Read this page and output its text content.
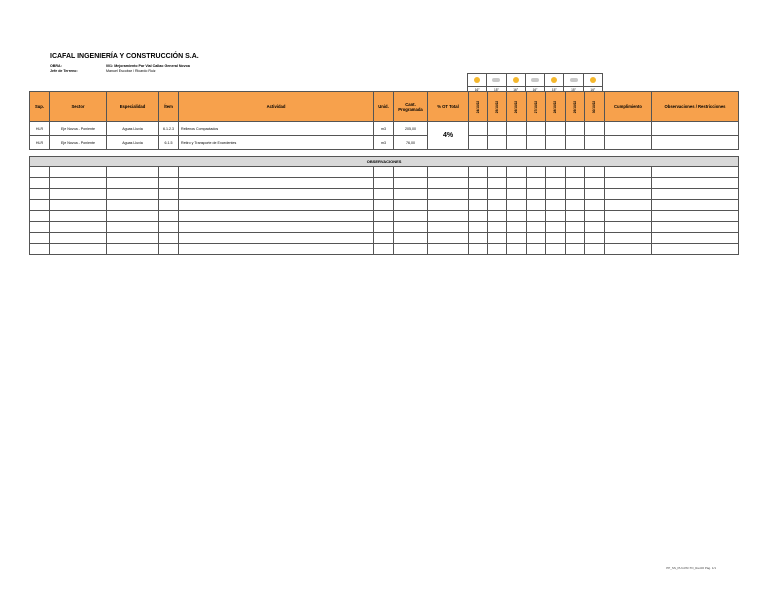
ICAFAL INGENIERÍA Y CONSTRUCCIÓN S.A.
OBRA:	001: Mejoramiento Par Vial Callao General Novoa
Jefe de Terreno:	Manuel Escobar / Ricardo Ruiz

16°	15°	16°	16°	15°	15°	16°

Sup.	Sector	Especialidad	Ítem	Actividad	Unid.	Cant. Programada	% OT Total	24/10/22	25/10/22	26/10/22	27/10/22	28/10/22	29/10/22	30/10/22	Cumplimiento	Observaciones / Restricciones
HLR	Eje Novoa - Poniente	Aguas Lluvia	6.1.2.3	Rellenos Compactados	m3	205,00	4%									
HLR	Eje Novoa - Poniente	Aguas Lluvia	6.1.5	Retiro y Transporte de Excedentes	m3	76,00										
OBSERVACIONES																

PP_SS_PLN-PR-TO_Rev00 Pág. 1/1
